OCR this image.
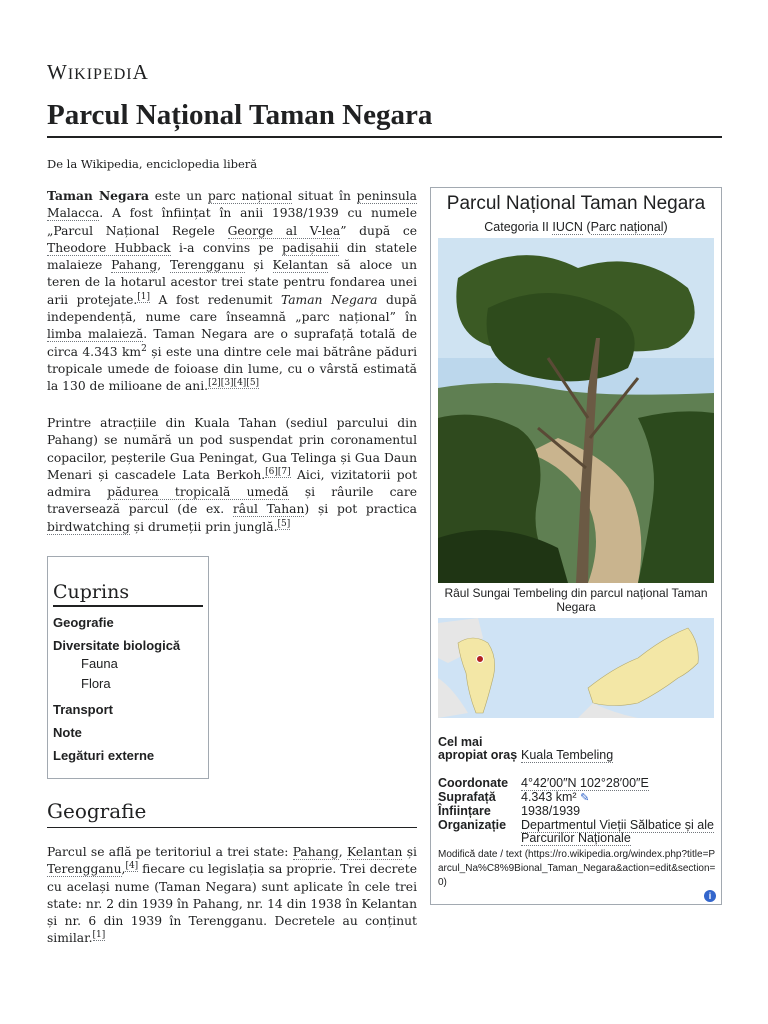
WIKIPEDIA
Parcul Național Taman Negara
De la Wikipedia, enciclopedia liberă

Taman Negara este un parc național situat în peninsula Malacca. A fost înființat în anii 1938/1939 cu numele „Parcul Național Regele George al V-lea” după ce Theodore Hubback i-a convins pe padișahii din statele malaieze Pahang, Terengganu și Kelantan să aloce un teren de la hotarul acestor trei state pentru fondarea unei arii protejate.[1] A fost redenumit Taman Negara după independență, nume care înseamnă „parc național” în limba malaieză. Taman Negara are o suprafață totală de circa 4.343 $km^2$ și este una dintre cele mai bătrâne păduri tropicale umede de foioase din lume, cu o vârstă estimată la 130 de milioane de ani.[2][3][4][5]

Printre atracțiile din Kuala Tahan (sediul parcului din Pahang) se numără un pod suspendat prin coronamentul copacilor, peșterile Gua Peningat, Gua Telinga și Gua Daun Menari și cascadele Lata Berkoh.[6][7] Aici, vizitatorii pot admira pădurea tropicală umedă și râurile care traversează parcul (de ex. râul Tahan) și pot practica birdwatching și drumeții prin junglă.[5]

Cuprins
Geografie
Diversitate biologică
Fauna
Flora
Transport
Note
Legături externe
Geografie

Parcul se află pe teritoriul a trei state: Pahang, Kelantan și Terengganu,[4] fiecare cu legislația sa proprie. Trei decrete cu același nume (Taman Negara) sunt aplicate în cele trei state: nr. 2 din 1939 în Pahang, nr. 14 din 1938 în Kelantan și nr. 6 din 1939 în Terengganu. Decretele au conținut similar.[1]

Parcul Național Taman Negara
Categoria II IUCN (Parc național)
Râul Sungai Tembeling din parcul național Taman Negara
Cel mai apropiat oraș Kuala Tembeling
Coordonate	4°42′00″N 102°28′00″E
Suprafață	4.343 km² ✎
Înființare	1938/1939
Organizație	Departmentul Vieții Sălbatice și ale Parcurilor Naționale
Modifică date / text (https://ro.wikipedia.org/windex.php?title=Parcul_Na%C8%9Bional_Taman_Negara&action=edit&section=0)
i
